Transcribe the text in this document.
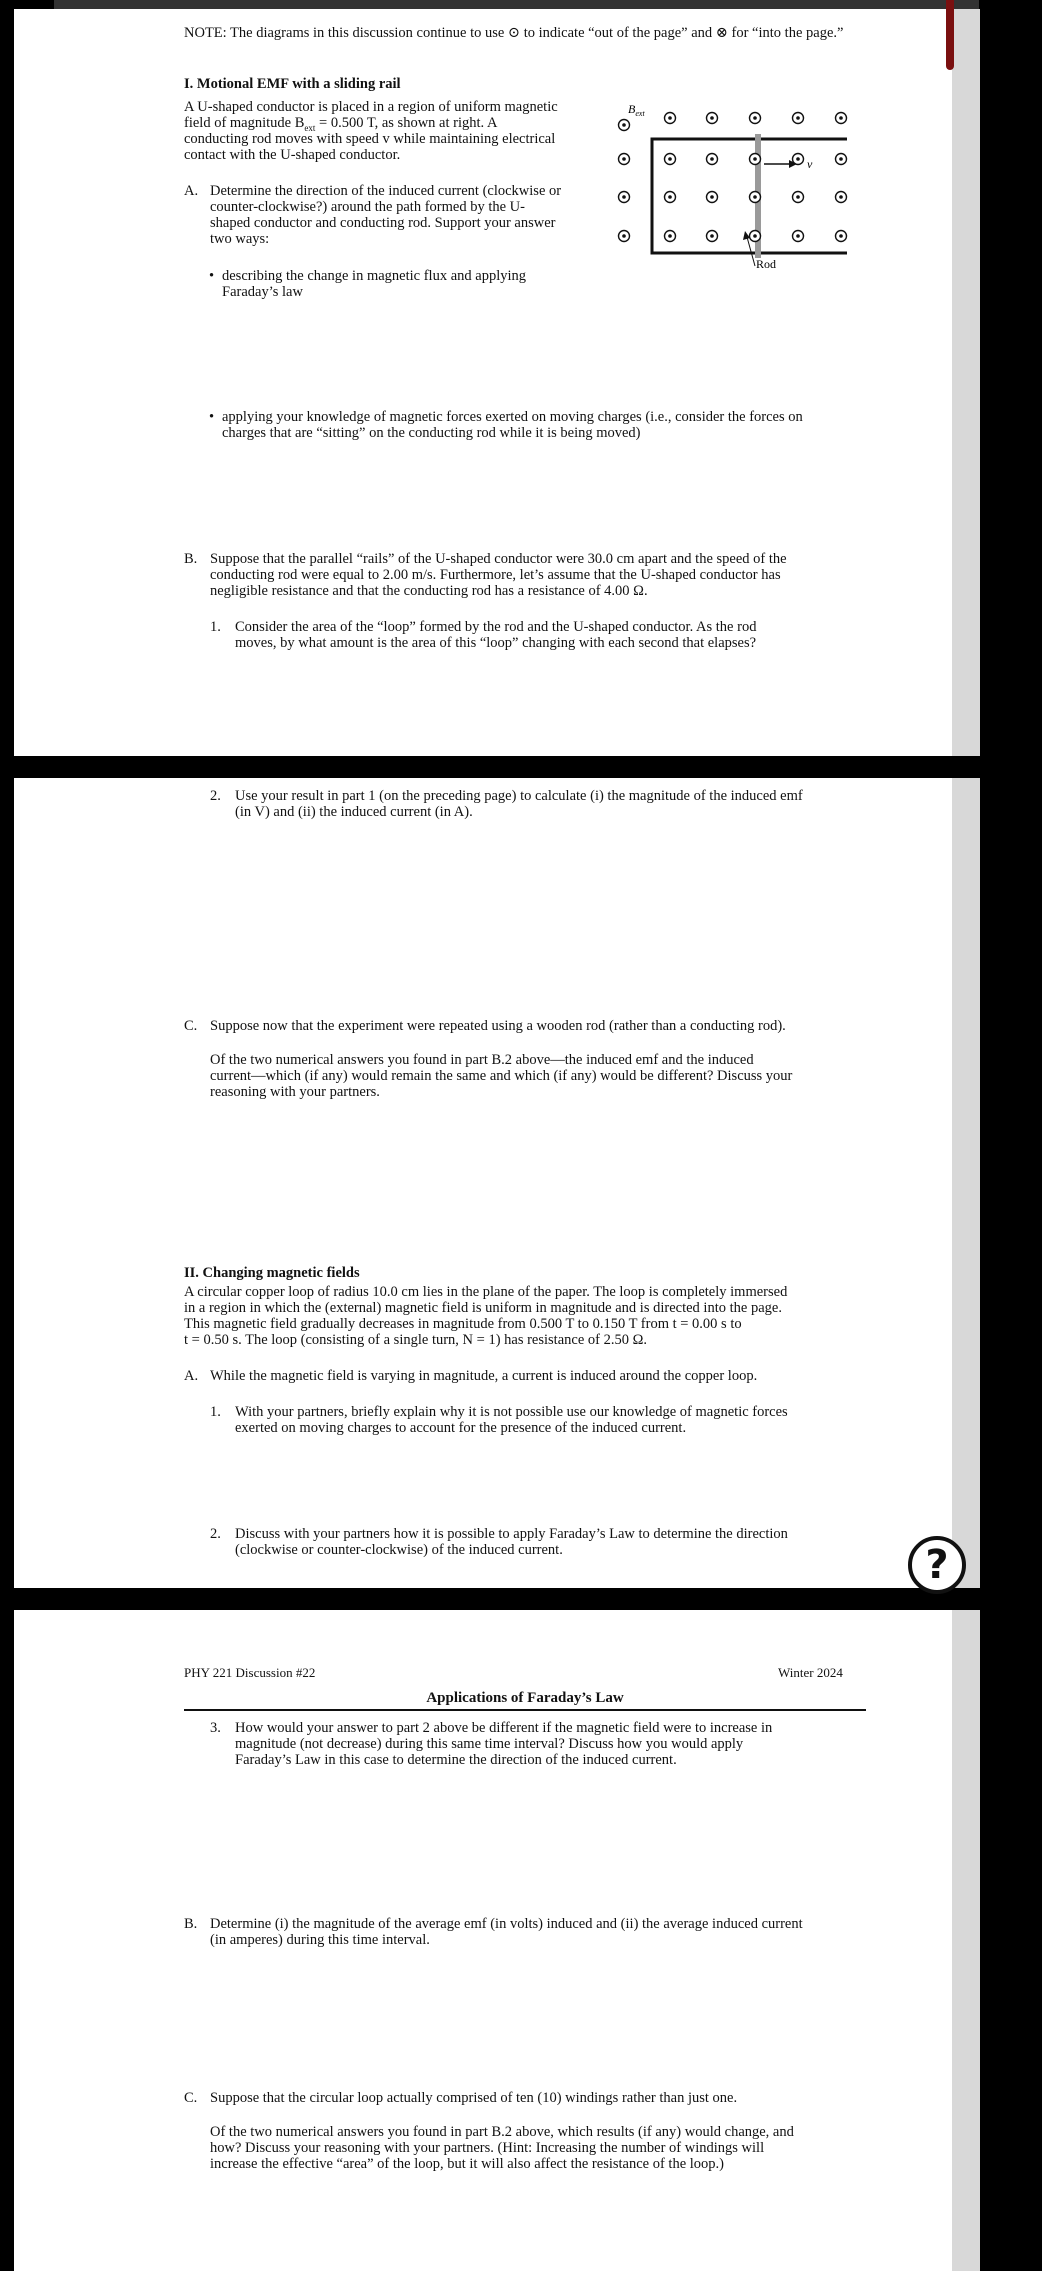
NOTE: The diagrams in this discussion continue to use ⊙ to indicate “out of the page” and ⊗ for “into the page.”
I. Motional EMF with a sliding rail
A U-shaped conductor is placed in a region of uniform magnetic
field of magnitude $B_{ext} = 0.500$ T, as shown at right. A
conducting rod moves with speed v while maintaining electrical
contact with the U-shaped conductor.
A. Determine the direction of the induced current (clockwise or
counter-clockwise?) around the path formed by the U-
shaped conductor and conducting rod. Support your answer
two ways:
• describing the change in magnetic flux and applying
Faraday’s law
• applying your knowledge of magnetic forces exerted on moving charges (i.e., consider the forces on
charges that are “sitting” on the conducting rod while it is being moved)
B. Suppose that the parallel “rails” of the U-shaped conductor were 30.0 cm apart and the speed of the
conducting rod were equal to 2.00 m/s. Furthermore, let’s assume that the U-shaped conductor has
negligible resistance and that the conducting rod has a resistance of 4.00 Ω.
1. Consider the area of the “loop” formed by the rod and the U-shaped conductor. As the rod
moves, by what amount is the area of this “loop” changing with each second that elapses?
$B_{ext}$
v
Rod
2. Use your result in part 1 (on the preceding page) to calculate (i) the magnitude of the induced emf
(in V) and (ii) the induced current (in A).
C. Suppose now that the experiment were repeated using a wooden rod (rather than a conducting rod).
Of the two numerical answers you found in part B.2 above—the induced emf and the induced
current—which (if any) would remain the same and which (if any) would be different? Discuss your
reasoning with your partners.
II. Changing magnetic fields
A circular copper loop of radius 10.0 cm lies in the plane of the paper. The loop is completely immersed
in a region in which the (external) magnetic field is uniform in magnitude and is directed into the page.
This magnetic field gradually decreases in magnitude from 0.500 T to 0.150 T from t = 0.00 s to
t = 0.50 s. The loop (consisting of a single turn, N = 1) has resistance of 2.50 Ω.
A. While the magnetic field is varying in magnitude, a current is induced around the copper loop.
1. With your partners, briefly explain why it is not possible use our knowledge of magnetic forces
exerted on moving charges to account for the presence of the induced current.
2. Discuss with your partners how it is possible to apply Faraday’s Law to determine the direction
(clockwise or counter-clockwise) of the induced current.
PHY 221 Discussion #22	Winter 2024
Applications of Faraday’s Law
3. How would your answer to part 2 above be different if the magnetic field were to increase in
magnitude (not decrease) during this same time interval? Discuss how you would apply
Faraday’s Law in this case to determine the direction of the induced current.
B. Determine (i) the magnitude of the average emf (in volts) induced and (ii) the average induced current
(in amperes) during this time interval.
C. Suppose that the circular loop actually comprised of ten (10) windings rather than just one.
Of the two numerical answers you found in part B.2 above, which results (if any) would change, and
how? Discuss your reasoning with your partners. (Hint: Increasing the number of windings will
increase the effective “area” of the loop, but it will also affect the resistance of the loop.)
?
